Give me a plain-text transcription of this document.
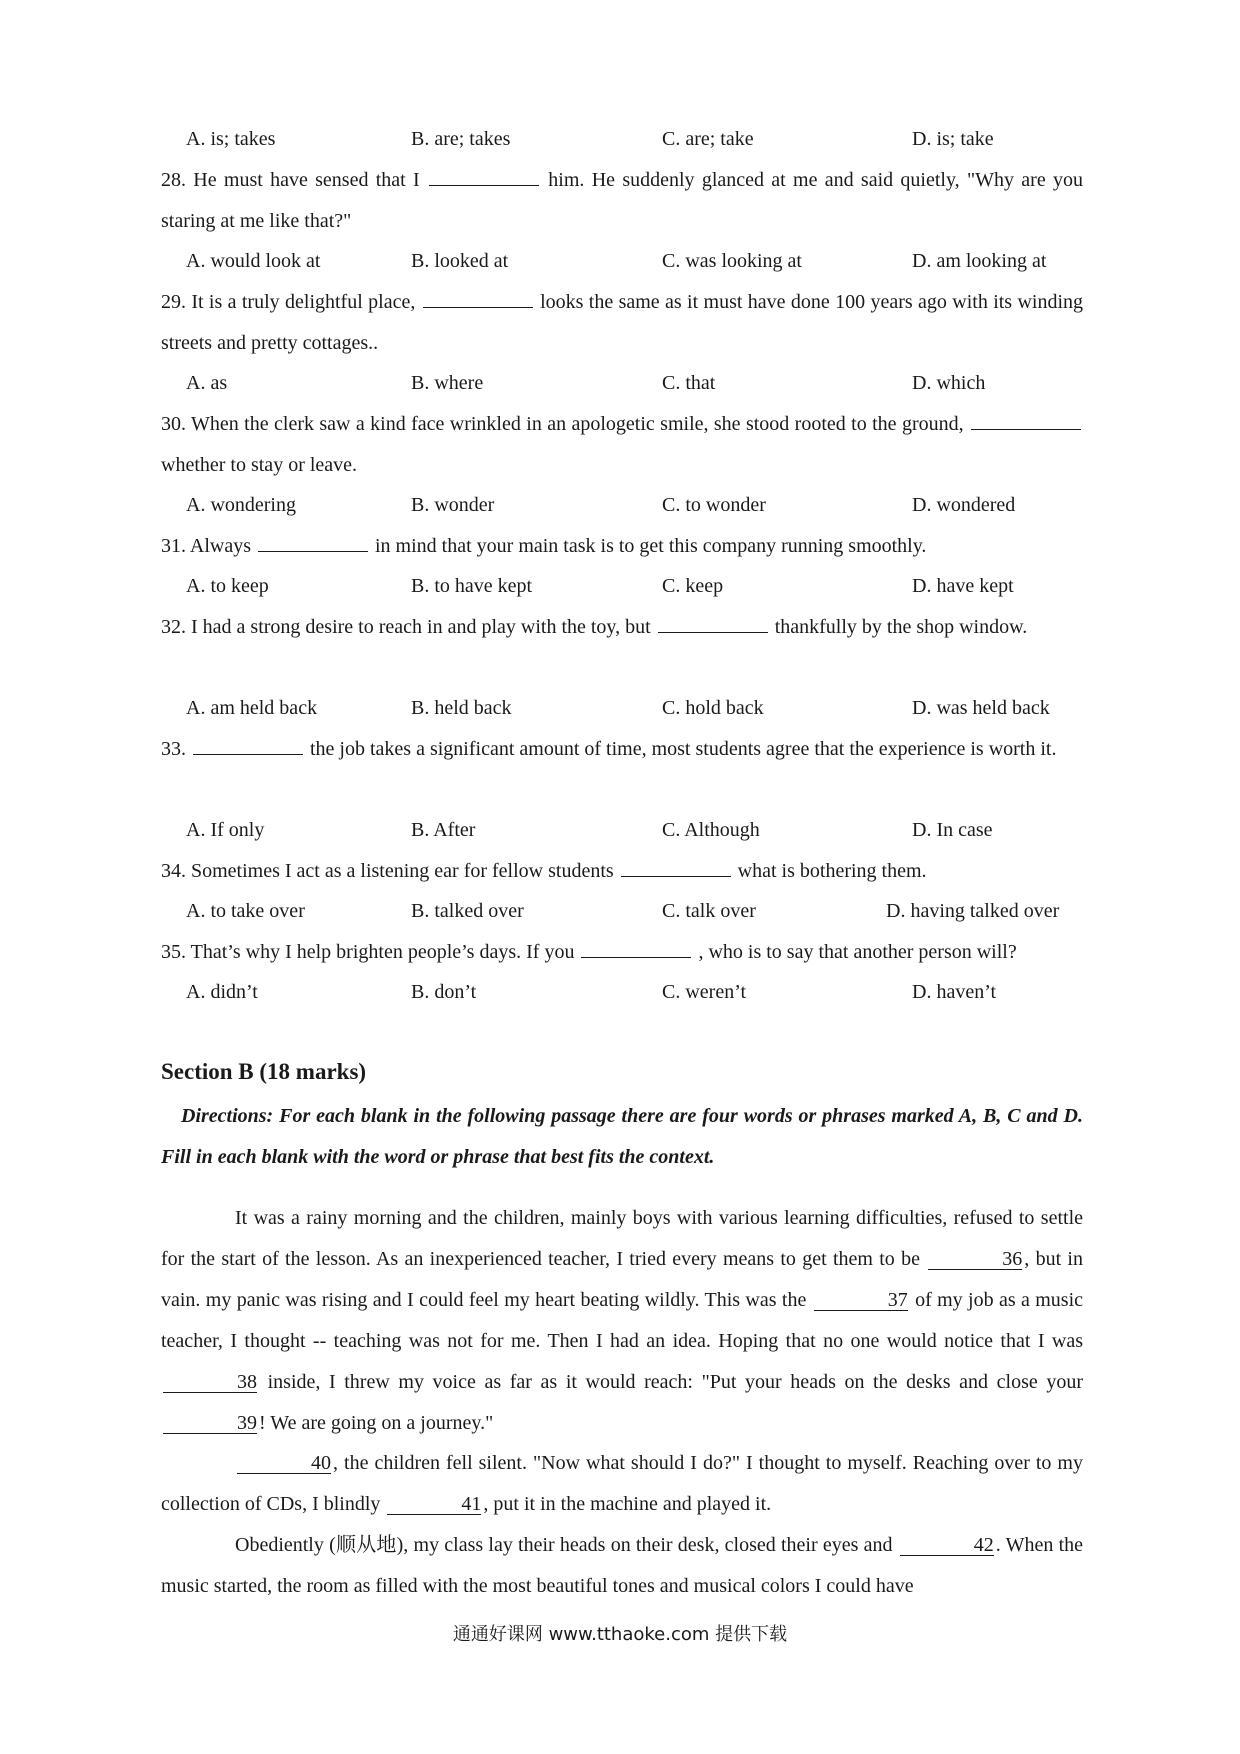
A. is; takes	B. are; takes	C. are; take	D. is; take
28. He must have sensed that I	him. He suddenly glanced at me and said quietly, "Why are you staring at me like that?"
A. would look at	B. looked at	C. was looking at	D. am looking at
29. It is a truly delightful place,	looks the same as it must have done 100 years ago with its winding streets and pretty cottages..
A. as	B. where	C. that	D. which
30. When the clerk saw a kind face wrinkled in an apologetic smile, she stood rooted to the ground,  whether to stay or leave.
A. wondering	B. wonder	C. to wonder	D. wondered
31. Always	in mind that your main task is to get this company running smoothly.
A. to keep	B. to have kept	C. keep	D. have kept
32. I had a strong desire to reach in and play with the toy, but	thankfully by the shop window.
A. am held back	B. held back	C. hold back	D. was held back
33.	the job takes a significant amount of time, most students agree that the experience is worth it.
A. If only	B. After	C. Although	D. In case
34. Sometimes I act as a listening ear for fellow students	what is bothering them.
A. to take over	B. talked over	C. talk over	D. having talked over
35. That’s why I help brighten people’s days. If you	, who is to say that another person will?
A. didn’t	B. don’t	C. weren’t	D. haven’t
Section B (18 marks)
Directions: For each blank in the following passage there are four words or phrases marked A, B, C and D. Fill in each blank with the word or phrase that best fits the context.
It was a rainy morning and the children, mainly boys with various learning difficulties, refused to settle for the start of the lesson. As an inexperienced teacher, I tried every means to get them to be	36 , but in vain. my panic was rising and I could feel my heart beating wildly. This was the	37 of my job as a music teacher, I thought -- teaching was not for me. Then I had an idea. Hoping that no one would notice that I was 38 inside, I threw my voice as far as it would reach: "Put your heads on the desks and close your 39 ! We are going on a journey."
40 , the children fell silent. "Now what should I do?" I thought to myself. Reaching over to my collection of CDs, I blindly	41 , put it in the machine and played it.
Obediently (顺从地), my class lay their heads on their desk, closed their eyes and	42 . When the music started, the room as filled with the most beautiful tones and musical colors I could have
通通好课网 www.tthaoke.com 提供下载
